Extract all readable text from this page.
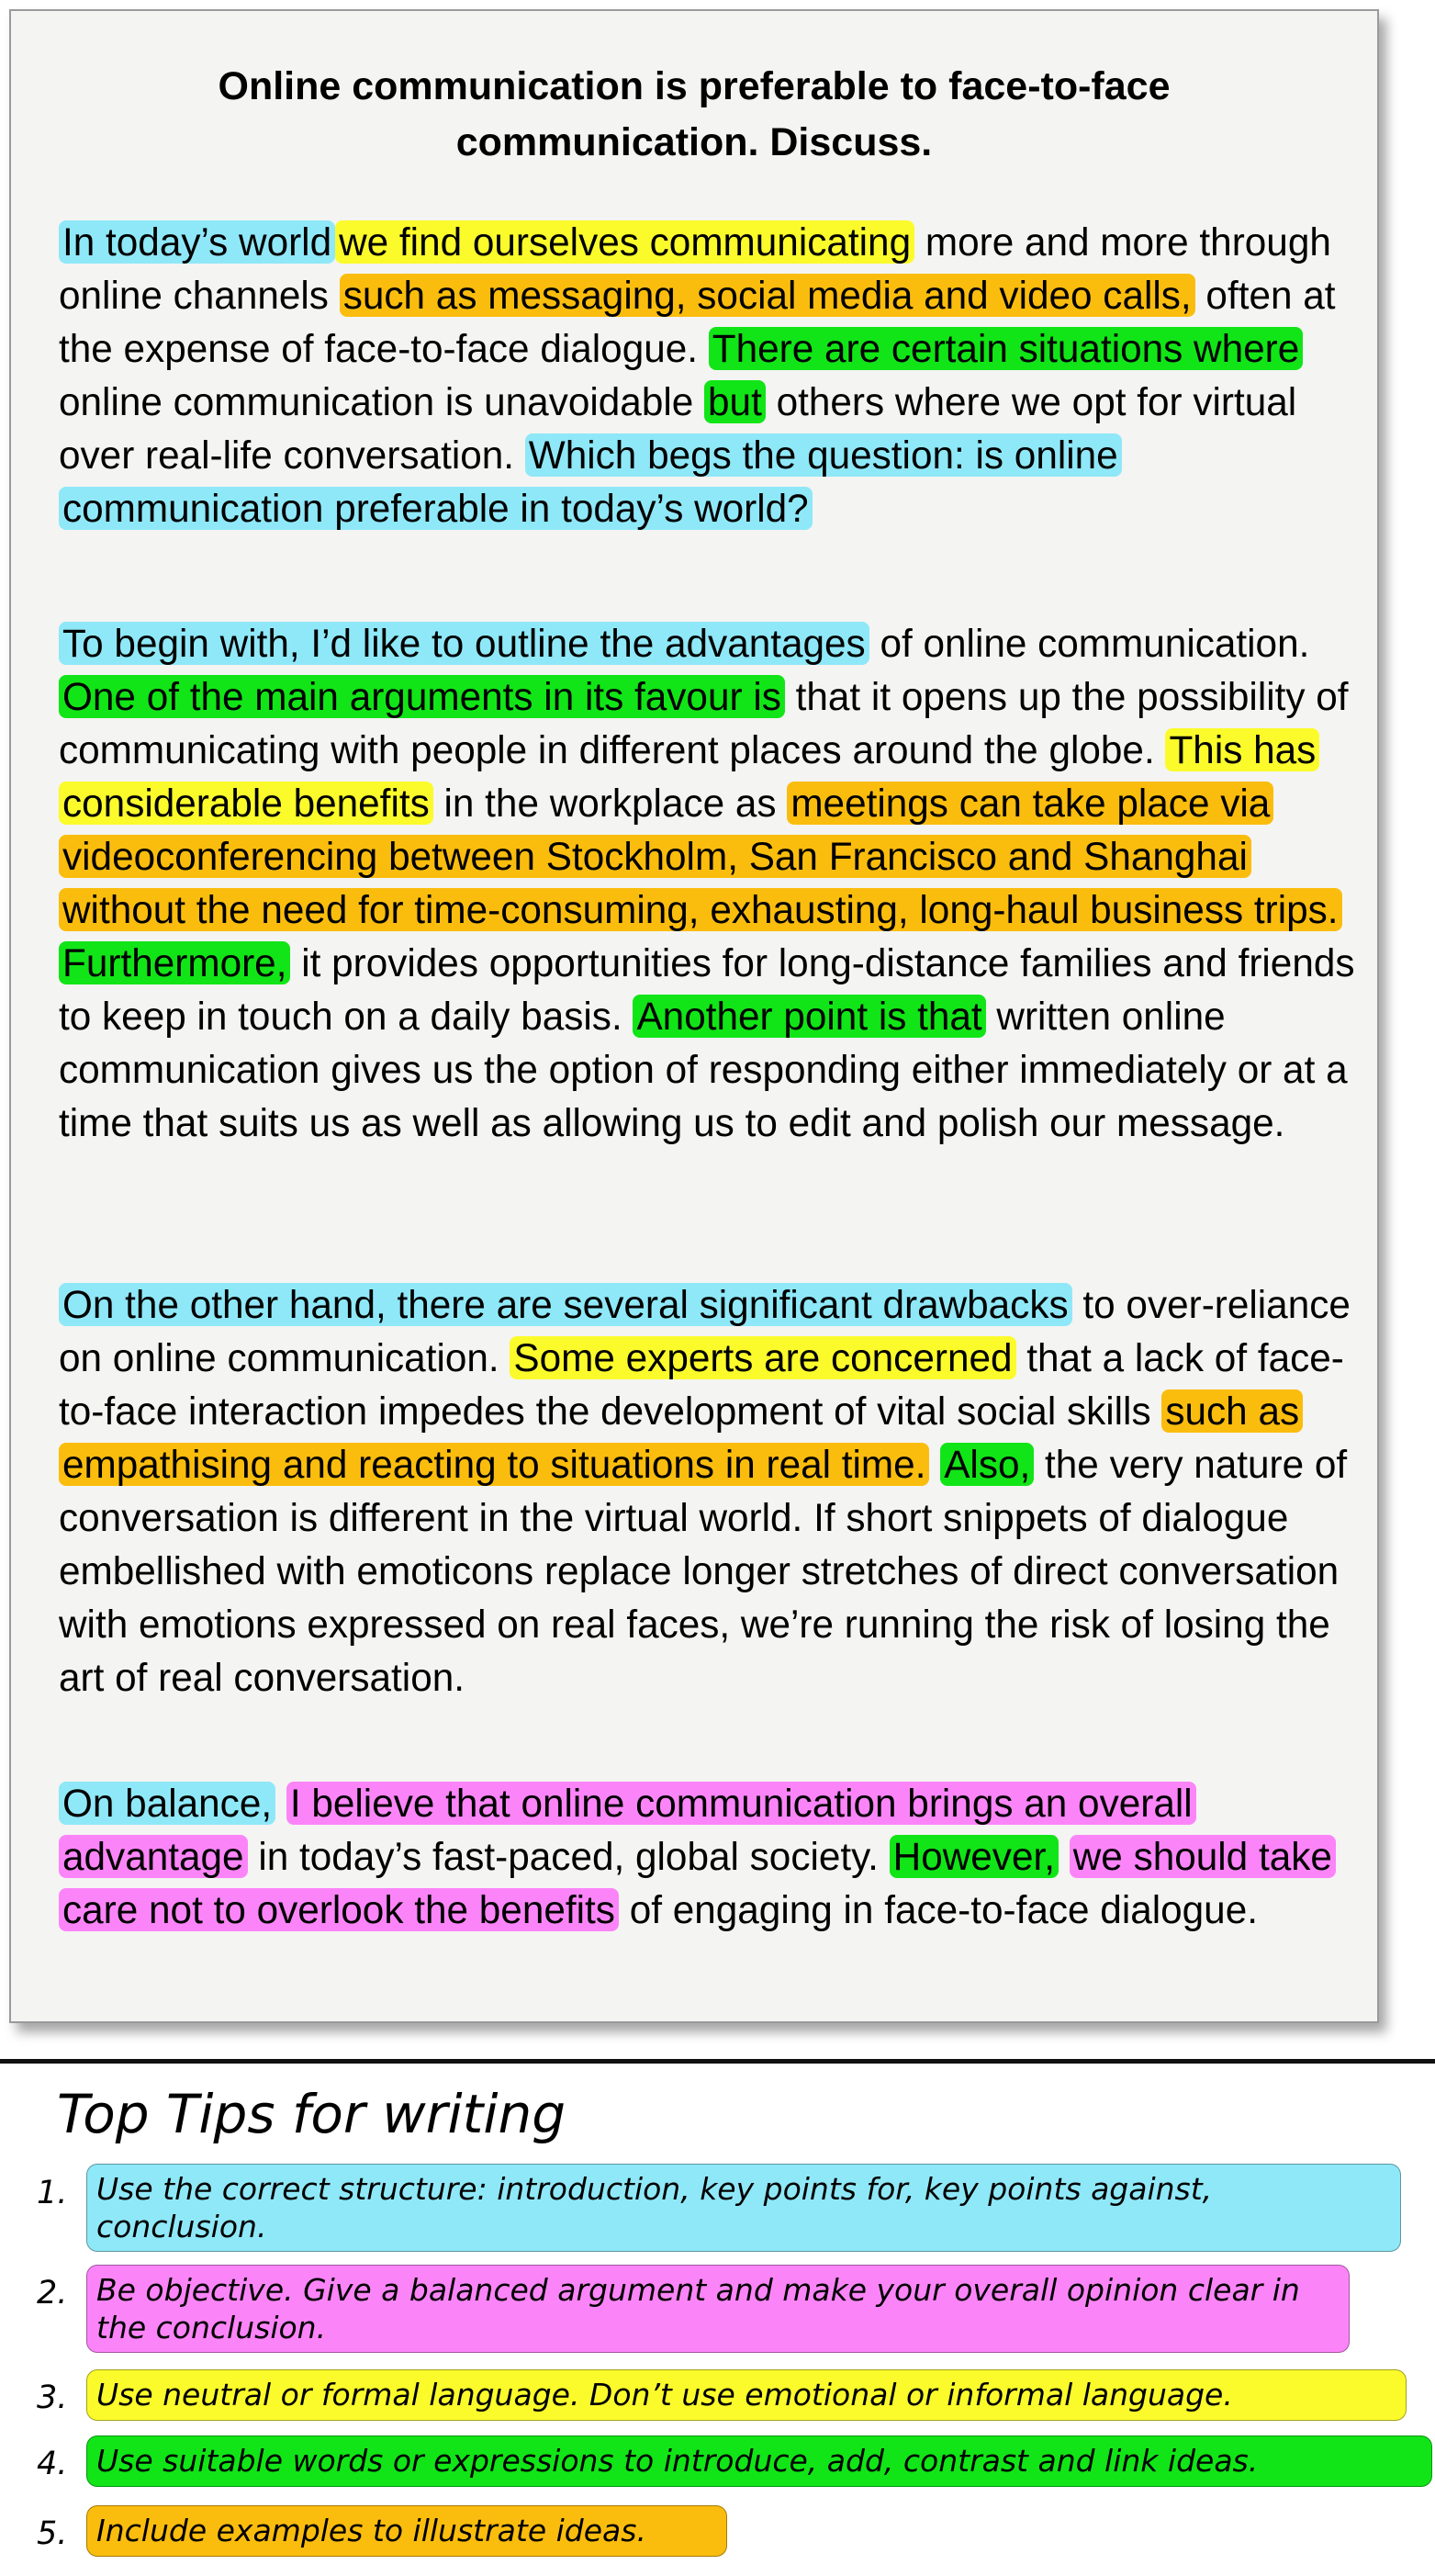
Online communication is preferable to face-to-face
communication. Discuss.
In today’s world we find ourselves communicating more and more through online channels such as messaging, social media and video calls, often at the expense of face-to-face dialogue. There are certain situations where online communication is unavoidable but others where we opt for virtual over real-life conversation. Which begs the question: is online communication preferable in today’s world?
To begin with, I’d like to outline the advantages of online communication. One of the main arguments in its favour is that it opens up the possibility of communicating with people in different places around the globe. This has considerable benefits in the workplace as meetings can take place via videoconferencing between Stockholm, San Francisco and Shanghai without the need for time-consuming, exhausting, long-haul business trips. Furthermore, it provides opportunities for long-distance families and friends to keep in touch on a daily basis. Another point is that written online communication gives us the option of responding either immediately or at a time that suits us as well as allowing us to edit and polish our message.
On the other hand, there are several significant drawbacks to over-reliance on online communication. Some experts are concerned that a lack of face-to-face interaction impedes the development of vital social skills such as empathising and reacting to situations in real time. Also, the very nature of conversation is different in the virtual world. If short snippets of dialogue embellished with emoticons replace longer stretches of direct conversation with emotions expressed on real faces, we’re running the risk of losing the art of real conversation.
On balance, I believe that online communication brings an overall advantage in today’s fast-paced, global society. However, we should take care not to overlook the benefits of engaging in face-to-face dialogue.
Top Tips for writing
1. Use the correct structure: introduction, key points for, key points against, conclusion.
2. Be objective. Give a balanced argument and make your overall opinion clear in the conclusion.
3. Use neutral or formal language. Don’t use emotional or informal language.
4. Use suitable words or expressions to introduce, add, contrast and link ideas.
5. Include examples to illustrate ideas.
